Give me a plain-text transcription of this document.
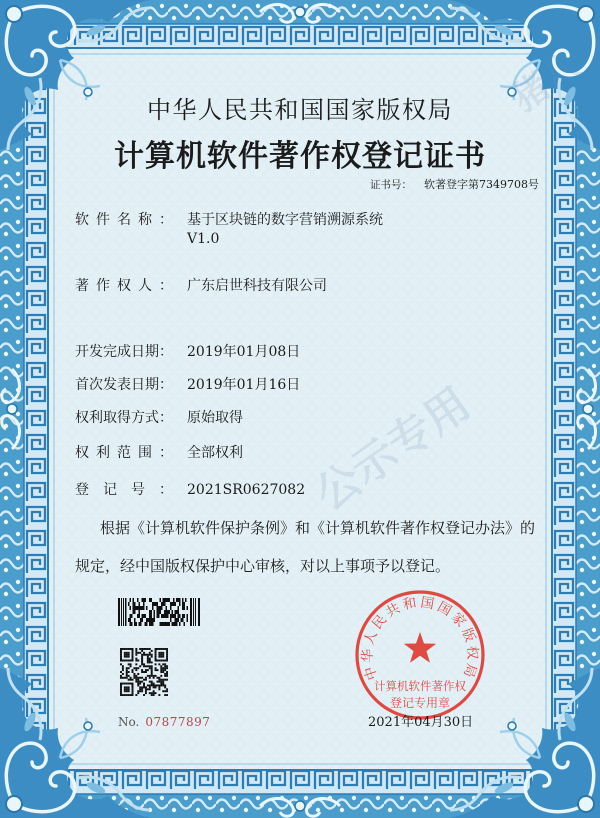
猪八
公示专用
中华人民共和国国家版权局
计算机软件著作权登记证书
证书号： 软著登字第7349708号
软 件 名 称 ： 基于区块链的数字营销溯源系统
V1.0
著 作 权 人 ： 广东启世科技有限公司
开 发 完 成 日 期 ： 2019年01月08日
首 次 发 表 日 期 ： 2019年01月16日
权 利 取 得 方 式 ： 原始取得
权 利 范 围 ： 全部权利
登 记 号 ： 2021SR0627082
根据《计算机软件保护条例》和《计算机软件著作权登记办法》的
规定，经中国版权保护中心审核，对以上事项予以登记。
No. 07877897
中华人民共和国国家版权局
计算机软件著作权
登记专用章
2021年04月30日
